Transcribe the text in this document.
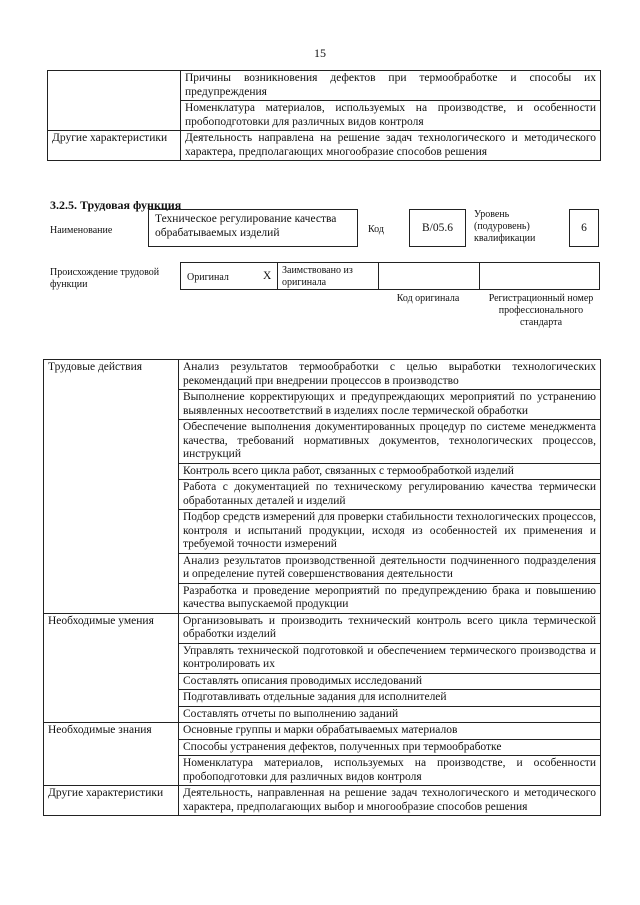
15
	Причины возникновения дефектов при термообработке и способы их предупреждения
	Номенклатура материалов, используемых на производстве, и особенности пробоподготовки для различных видов контроля
Другие характеристики	Деятельность направлена на решение задач технологического и методического характера, предполагающих многообразие способов решения
3.2.5. Трудовая функция
Наименование
Техническое регулирование качества обрабатываемых изделий	Код	B/05.6
Уровень (подуровень) квалификации
6
Происхождение трудовой функции
Оригинал	X Заимствовано из оригинала
Код оригинала	Регистрационный номер профессионального стандарта
Трудовые действия	Анализ результатов термообработки с целью выработки технологических рекомендаций при внедрении процессов в производство
	Выполнение корректирующих и предупреждающих мероприятий по устранению выявленных несоответствий в изделиях после термической обработки
	Обеспечение выполнения документированных процедур по системе менеджмента качества, требований нормативных документов, технологических процессов, инструкций
	Контроль всего цикла работ, связанных с термообработкой изделий
	Работа с документацией по техническому регулированию качества термически обработанных деталей и изделий
	Подбор средств измерений для проверки стабильности технологических процессов, контроля и испытаний продукции, исходя из особенностей их применения и требуемой точности измерений
	Анализ результатов производственной деятельности подчиненного подразделения и определение путей совершенствования деятельности
	Разработка и проведение мероприятий по предупреждению брака и повышению качества выпускаемой продукции
Необходимые умения	Организовывать и производить технический контроль всего цикла термической обработки изделий
	Управлять технической подготовкой и обеспечением термического производства и контролировать их
	Составлять описания проводимых исследований
	Подготавливать отдельные задания для исполнителей
	Составлять отчеты по выполнению заданий
Необходимые знания	Основные группы и марки обрабатываемых материалов
	Способы устранения дефектов, полученных при термообработке
	Номенклатура материалов, используемых на производстве, и особенности пробоподготовки для различных видов контроля
Другие характеристики	Деятельность, направленная на решение задач технологического и методического характера, предполагающих выбор и многообразие способов решения
